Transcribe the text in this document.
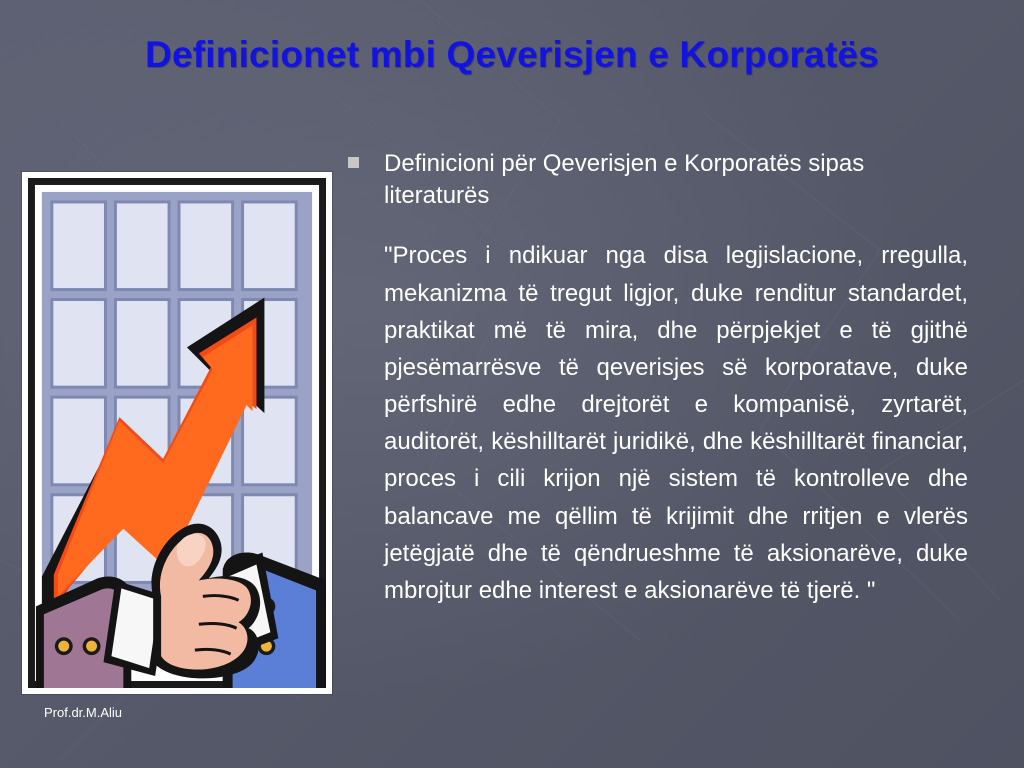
Definicionet mbi Qeverisjen e Korporatës
Prof.dr.M.Aliu
Definicioni për Qeverisjen e Korporatës sipas literaturës

"Proces i ndikuar nga disa legjislacione, rregulla, mekanizma të tregut ligjor, duke renditur standardet, praktikat më të mira, dhe përpjekjet e të gjithë pjesëmarrësve të qeverisjes së korporatave, duke përfshirë edhe drejtorët e kompanisë, zyrtarët, auditorët, këshilltarët juridikë, dhe këshilltarët financiar, proces i cili krijon një sistem të kontrolleve dhe balancave me qëllim të krijimit dhe rritjen e vlerës jetëgjatë dhe të qëndrueshme të aksionarëve, duke mbrojtur edhe interest e aksionarëve të tjerë. "
